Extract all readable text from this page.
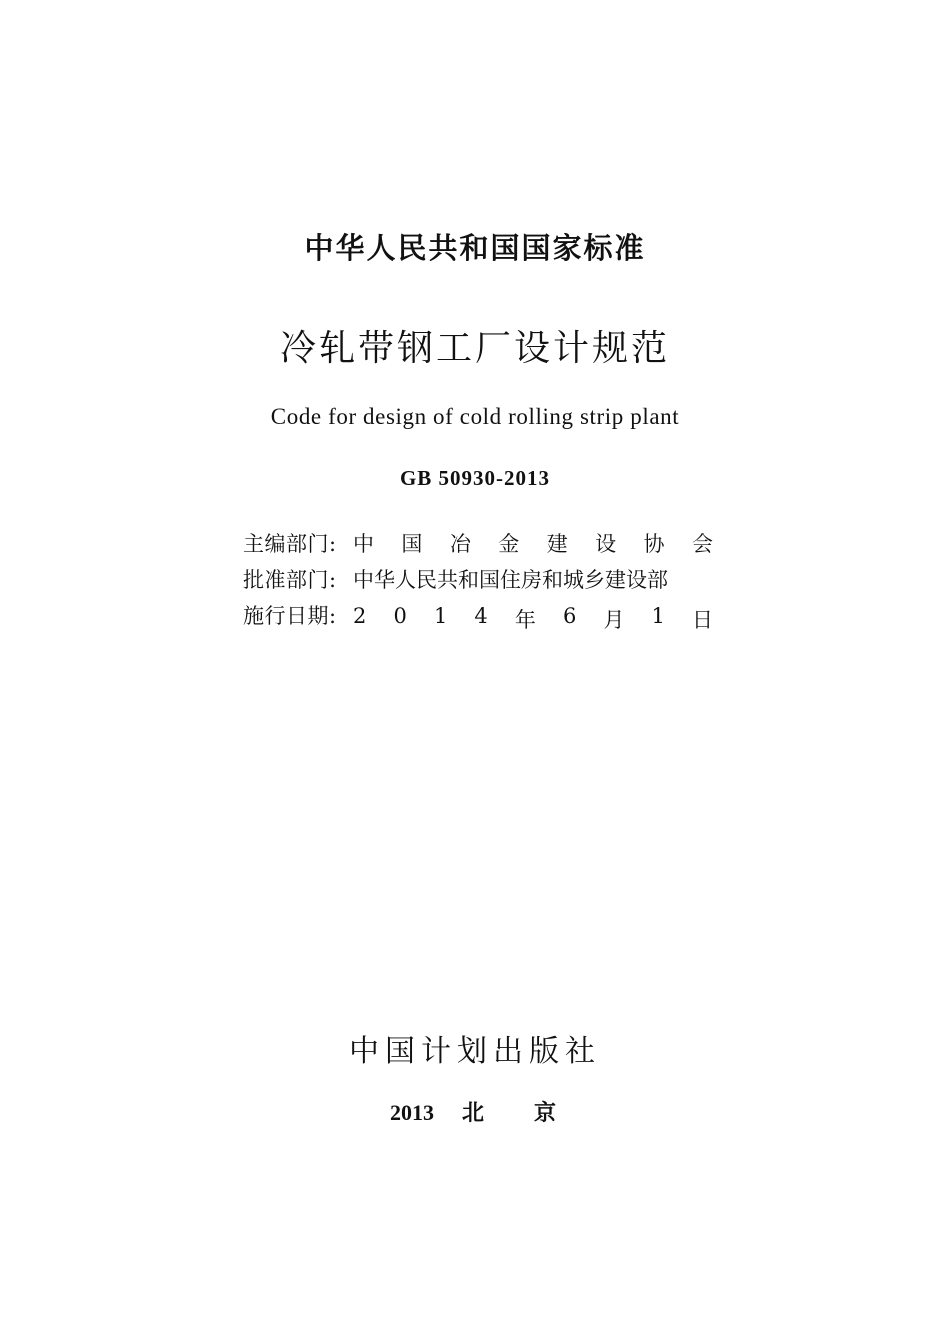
中华人民共和国国家标准
冷轧带钢工厂设计规范
Code for design of cold rolling strip plant
GB 50930-2013
主编部门: 中 国 冶 金 建 设 协 会
批准部门: 中华人民共和国住房和城乡建设部
施行日期: 2 0 1 4 年 6 月 1 日
中国计划出版社
2013 北 京
